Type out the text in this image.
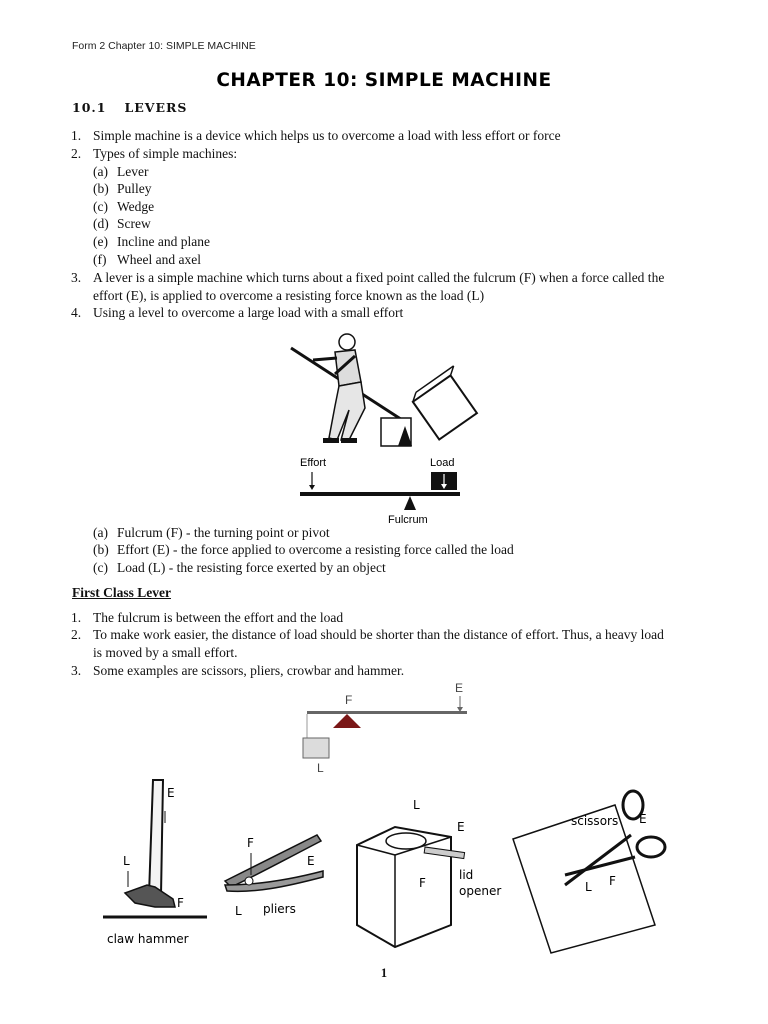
Form 2 Chapter 10: SIMPLE MACHINE
CHAPTER 10: SIMPLE MACHINE
10.1 LEVERS
1. Simple machine is a device which helps us to overcome a load with less effort or force
2. Types of simple machines:
(a) Lever
(b) Pulley
(c) Wedge
(d) Screw
(e) Incline and plane
(f) Wheel and axel
3. A lever is a simple machine which turns about a fixed point called the fulcrum (F) when a force called the
effort (E), is applied to overcome a resisting force known as the load (L)
4. Using a level to overcome a large load with a small effort
Effort	Load
Fulcrum
(a) Fulcrum (F) - the turning point or pivot
(b) Effort (E) - the force applied to overcome a resisting force called the load
(c) Load (L) - the resisting force exerted by an object
First Class Lever
1. The fulcrum is between the effort and the load
2. To make work easier, the distance of load should be shorter than the distance of effort. Thus, a heavy load
is moved by a small effort.
3. Some examples are scissors, pliers, crowbar and hammer.
F
E
L
E
L
F
claw hammer
F
E
L pliers
L
E
F
lid
opener
scissors E
L F
1
